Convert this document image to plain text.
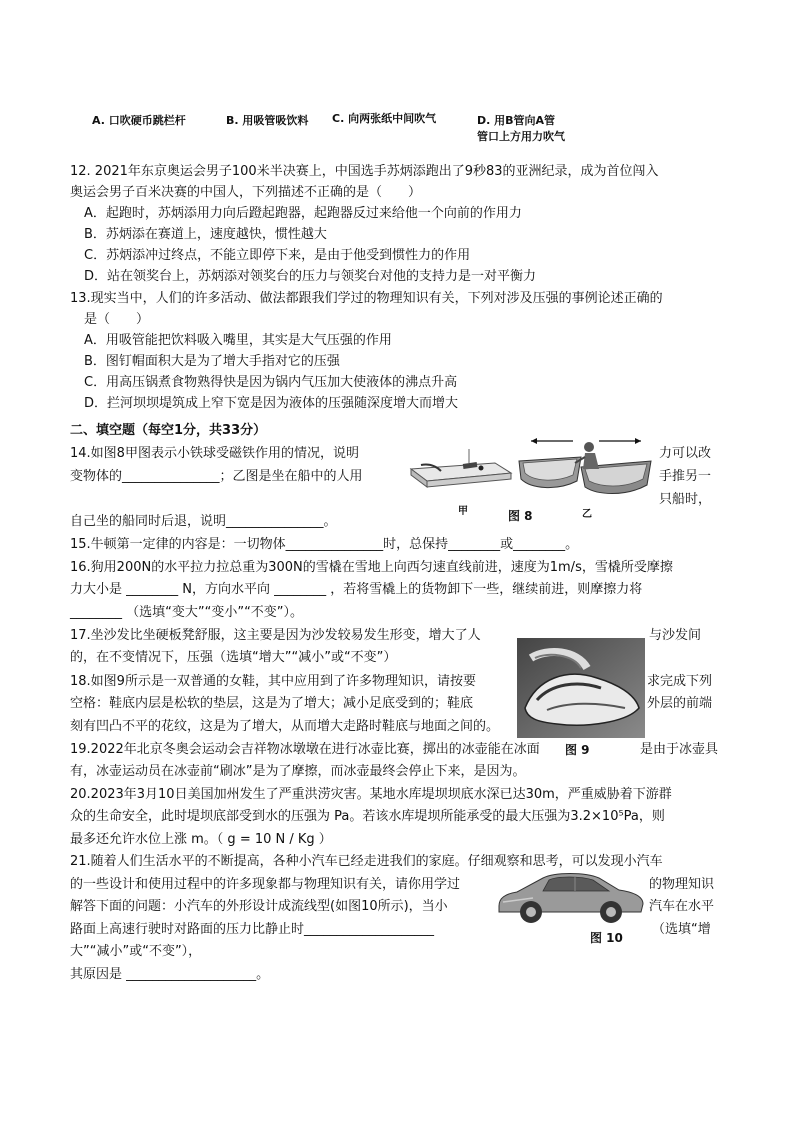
A. 口吹硬币跳栏杆	B. 用吸管吸饮料 C. 向两张纸中间吹气	D. 用B管向A管
管口上方用力吹气
12. 2021年东京奥运会男子100米半决赛上，中国选手苏炳添跑出了9秒83的亚洲纪录，成为首位闯入
奥运会男子百米决赛的中国人，下列描述不正确的是（　　）
A．起跑时，苏炳添用力向后蹬起跑器，起跑器反过来给他一个向前的作用力
B．苏炳添在赛道上，速度越快，惯性越大
C．苏炳添冲过终点，不能立即停下来，是由于他受到惯性力的作用
D．站在领奖台上，苏炳添对领奖台的压力与领奖台对他的支持力是一对平衡力
13.现实当中，人们的许多活动、做法都跟我们学过的物理知识有关，下列对涉及压强的事例论述正确的
是（　　）
A．用吸管能把饮料吸入嘴里，其实是大气压强的作用
B．图钉帽面积大是为了增大手指对它的压强
C．用高压锅煮食物熟得快是因为锅内气压加大使液体的沸点升高
D．拦河坝坝堤筑成上窄下宽是因为液体的压强随深度增大而增大
二、填空题（每空1分，共33分）
14.如图8甲图表示小铁球受磁铁作用的情况，说明	力可以改
变物体的_______________；乙图是坐在船中的人用	手推另一
只船时，
自己坐的船同时后退，说明_______________。
甲	乙
图 8
15.牛顿第一定律的内容是：一切物体_______________时，总保持________或________。
16.狗用200N的水平拉力拉总重为300N的雪橇在雪地上向西匀速直线前进，速度为1m/s，雪橇所受摩擦
力大小是 ________ N，方向水平向 ________ ，若将雪橇上的货物卸下一些，继续前进，则摩擦力将
________ （选填“变大”“变小”“不变”）。
17.坐沙发比坐硬板凳舒服，这主要是因为沙发较易发生形变，增大了人	与沙发间
的，在不变情况下，压强（选填“增大”“减小”或“不变”）
18.如图9所示是一双普通的女鞋，其中应用到了许多物理知识，请按要	求完成下列
空格：鞋底内层是松软的垫层，这是为了增大；减小足底受到的；鞋底	外层的前端
刻有凹凸不平的花纹，这是为了增大，从而增大走路时鞋底与地面之间的。
19.2022年北京冬奥会运动会吉祥物冰墩墩在进行冰壶比赛，掷出的冰壶能在冰面 图 9	是由于冰壶具
有，冰壶运动员在冰壶前“刷冰”是为了摩擦，而冰壶最终会停止下来，是因为。
20.2023年3月10日美国加州发生了严重洪涝灾害。某地水库堤坝坝底水深已达30m，严重威胁着下游群
众的生命安全，此时堤坝底部受到水的压强为 Pa。若该水库堤坝所能承受的最大压强为3.2×10⁵Pa，则
最多还允许水位上涨 m。（ g = 10 N / Kg ）
21.随着人们生活水平的不断提高，各种小汽车已经走进我们的家庭。仔细观察和思考，可以发现小汽车
的一些设计和使用过程中的许多现象都与物理知识有关，请你用学过	的物理知识
解答下面的问题：小汽车的外形设计成流线型(如图10所示)，当小	汽车在水平
路面上高速行驶时对路面的压力比静止时____________________	（选填“增
大”“减小”或“不变”），
其原因是 ____________________。
图 10
